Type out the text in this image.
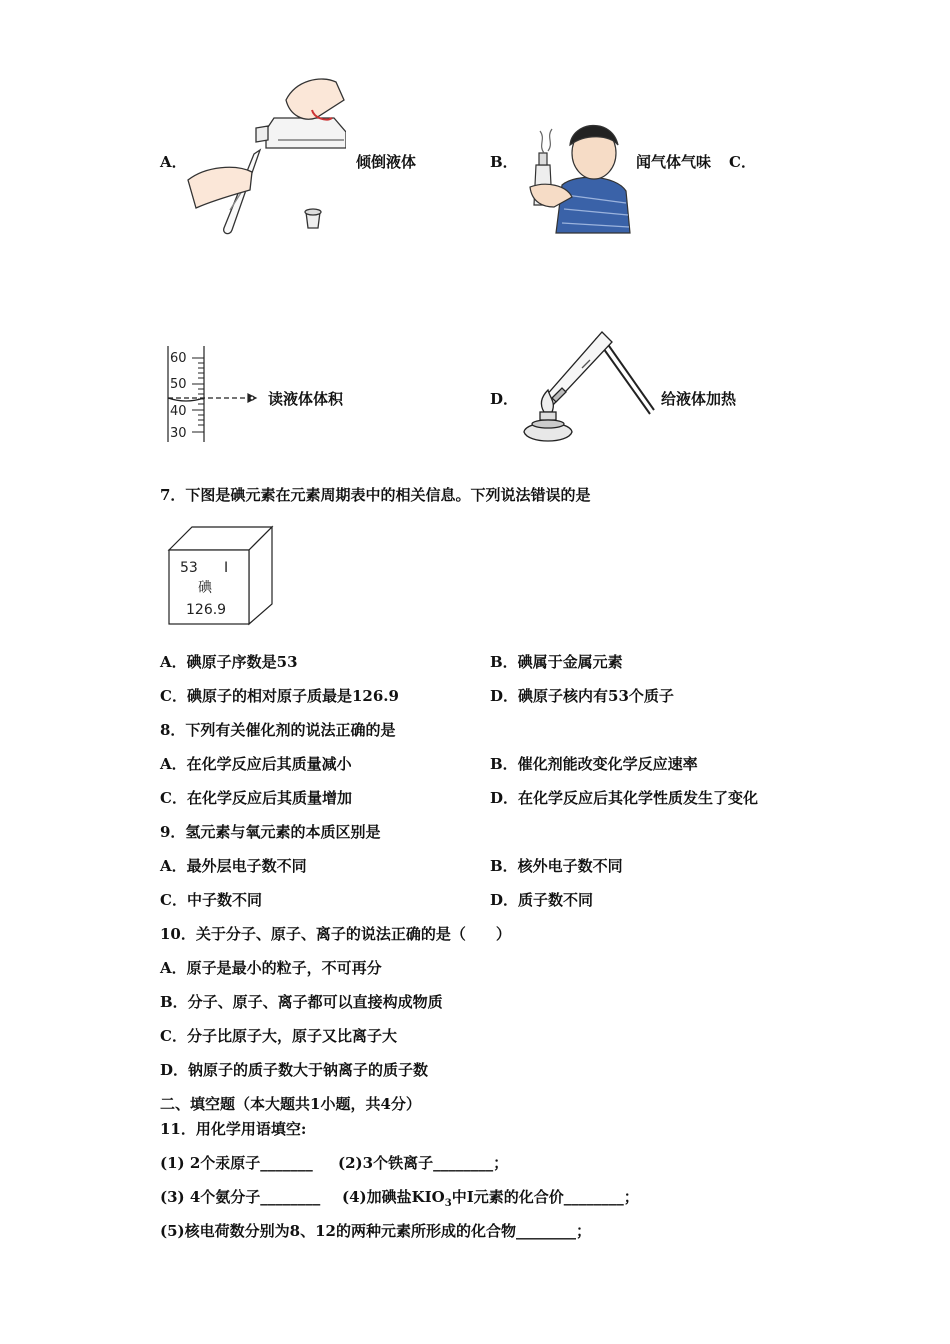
A．	倾倒液体	B．	闻气体气味 C．
60
50
40
30
读液体体积	D．	给液体加热
7．下图是碘元素在元素周期表中的相关信息。下列说法错误的是
53 I
碘
126.9
A．碘原子序数是53	B．碘属于金属元素
C．碘原子的相对原子质最是126.9	D．碘原子核内有53个质子
8．下列有关催化剂的说法正确的是
A．在化学反应后其质量减小	B．催化剂能改变化学反应速率
C．在化学反应后其质量增加	D．在化学反应后其化学性质发生了变化
9．氢元素与氧元素的本质区别是
A．最外层电子数不同	B．核外电子数不同
C．中子数不同	D．质子数不同
10．关于分子、原子、离子的说法正确的是（　　）
A．原子是最小的粒子，不可再分
B．分子、原子、离子都可以直接构成物质
C．分子比原子大，原子又比离子大
D．钠原子的质子数大于钠离子的质子数
二、填空题（本大题共1小题，共4分）
11．用化学用语填空:
(1) 2个汞原子_______ (2)3个铁离子________；
(3) 4个氨分子________ (4)加碘盐$KIO_3$中I元素的化合价________；
(5)核电荷数分别为8、12的两种元素所形成的化合物________；
